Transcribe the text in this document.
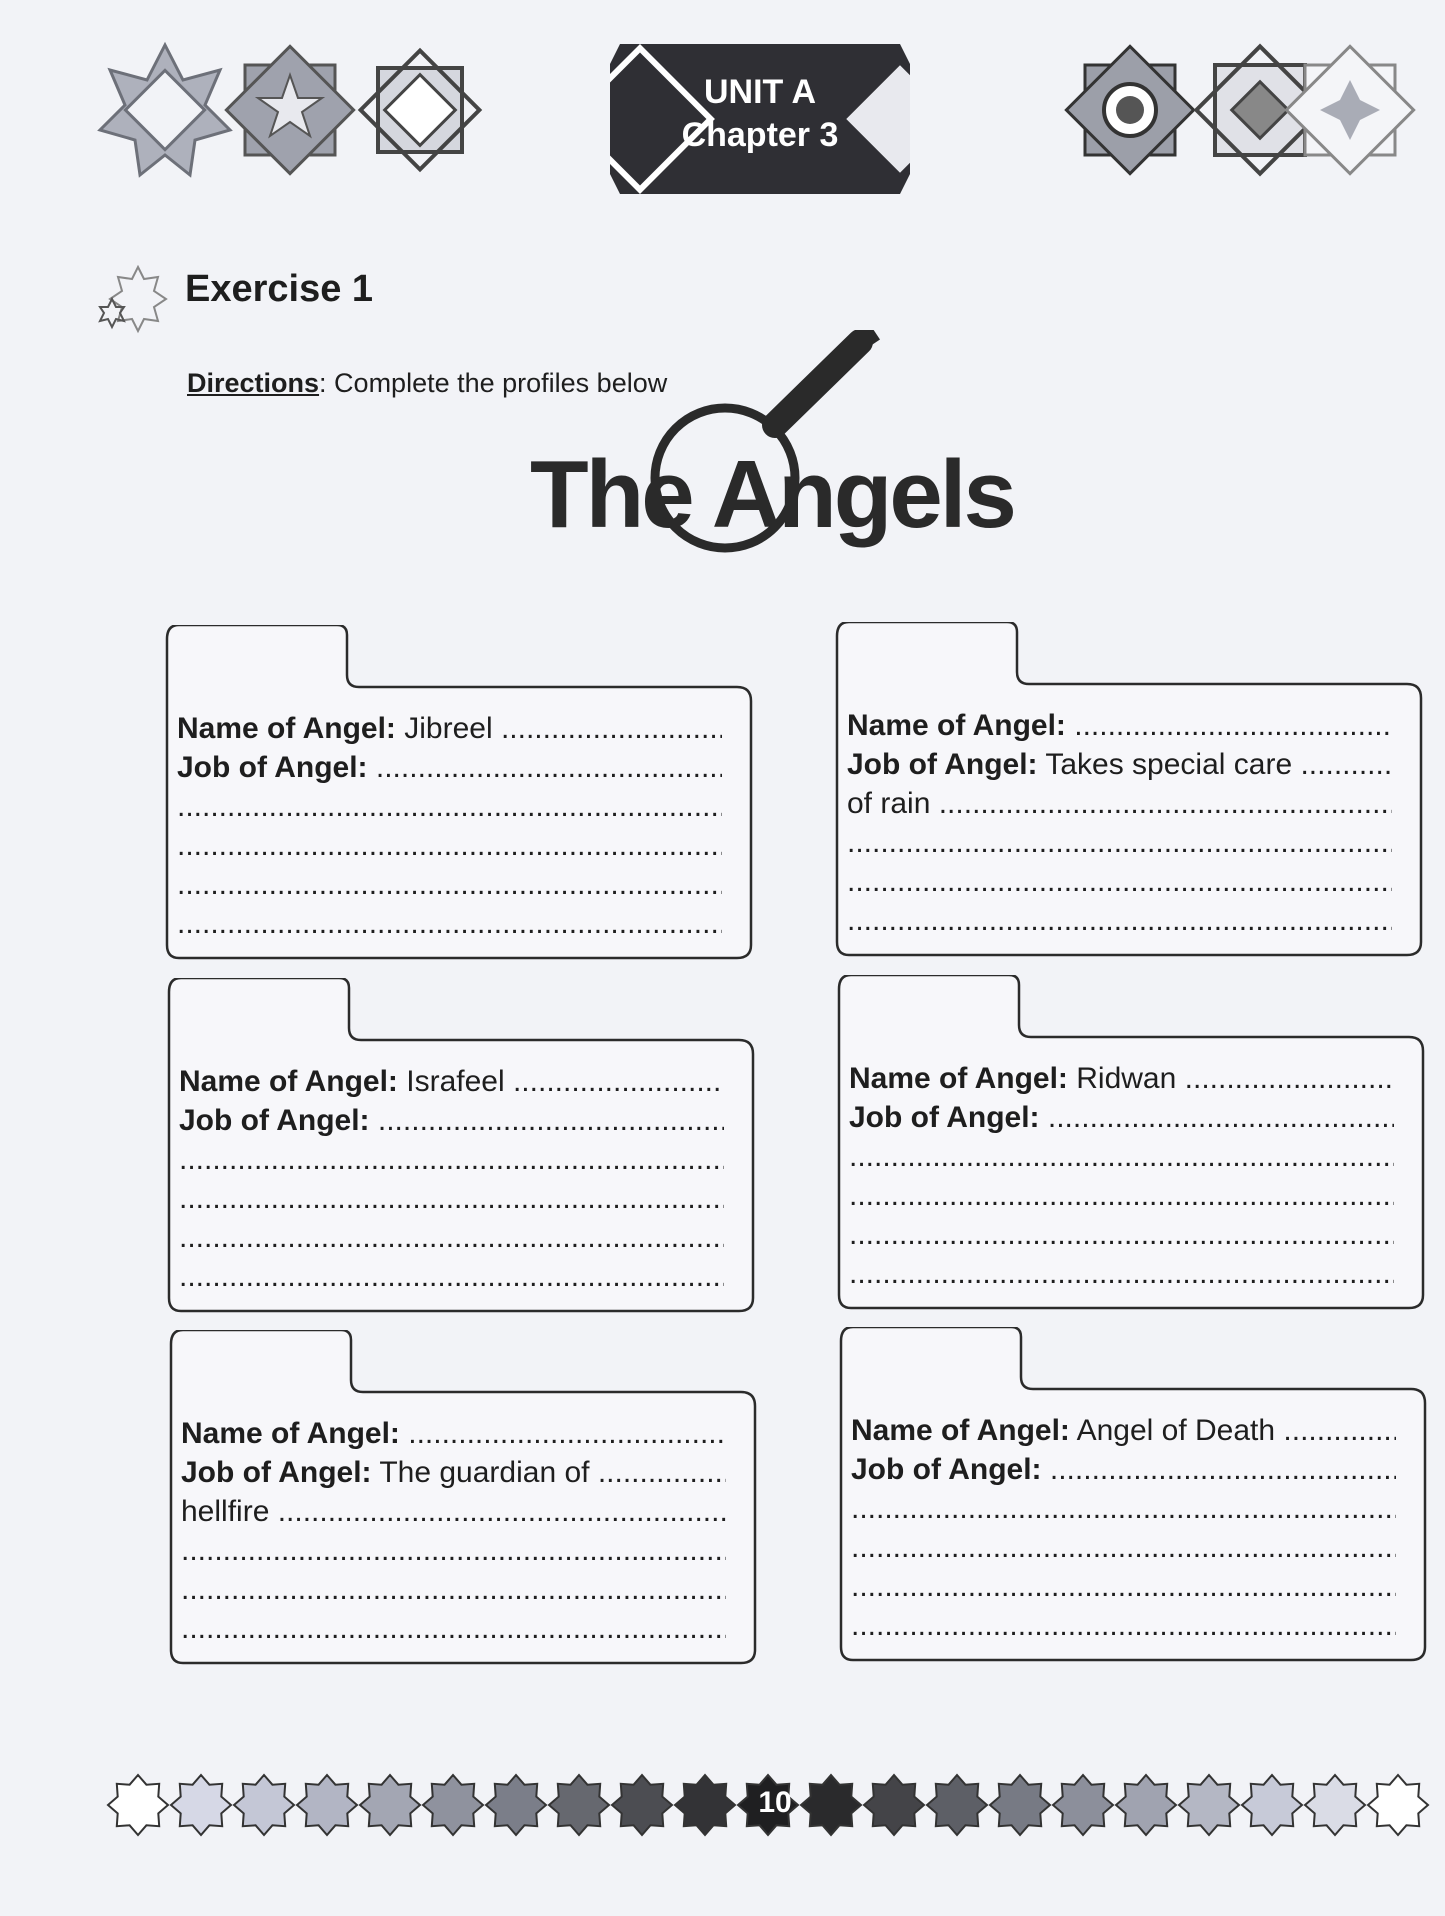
UNIT A
Chapter 3
Exercise 1
Directions: Complete the profiles below
The Angels
Name of Angel: Jibreel .....
Job of Angel: .....
.....
.....
.....
.....
Name of Angel: .....
Job of Angel: Takes special care .....
of rain .....
.....
.....
.....
Name of Angel: Israfeel .....
Job of Angel: .....
.....
.....
.....
.....
Name of Angel: Ridwan .....
Job of Angel: .....
.....
.....
.....
.....
Name of Angel: .....
Job of Angel: The guardian of .....
hellfire .....
.....
.....
.....
Name of Angel: Angel of Death .....
Job of Angel: .....
.....
.....
.....
.....
10
